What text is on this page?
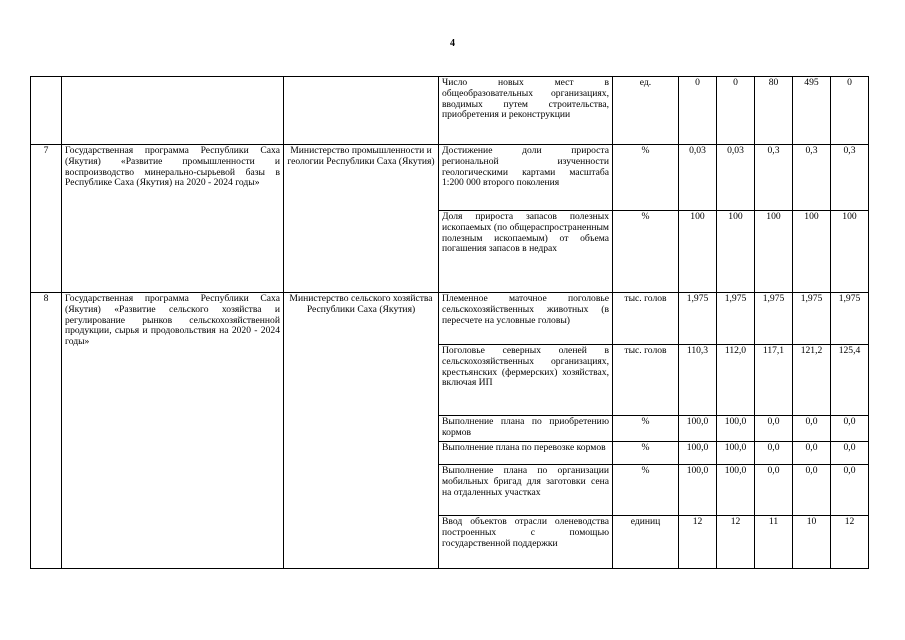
4
			Число новых мест в общеобразовательных организациях, вводимых путем строительства, приобретения и реконструкции	ед.	0	0	80	495	0
7	Государственная программа Республики Саха (Якутия) «Развитие промышленности и воспроизводство минерально-сырьевой базы в Республике Саха (Якутия) на 2020 - 2024 годы»	Министерство промышленности и геологии Республики Саха (Якутия)	Достижение доли прироста региональной изученности геологическими картами масштаба 1:200 000 второго поколения	%	0,03	0,03	0,3	0,3	0,3
			Доля прироста запасов полезных ископаемых (по общераспространенным полезным ископаемым) от объема погашения запасов в недрах	%	100	100	100	100	100
8	Государственная программа Республики Саха (Якутия) «Развитие сельского хозяйства и регулирование рынков сельскохозяйственной продукции, сырья и продовольствия на 2020 - 2024 годы»	Министерство сельского хозяйства Республики Саха (Якутия)	Племенное маточное поголовье сельскохозяйственных животных (в пересчете на условные головы)	тыс. голов	1,975	1,975	1,975	1,975	1,975
			Поголовье северных оленей в сельскохозяйственных организациях, крестьянских (фермерских) хозяйствах, включая ИП	тыс. голов	110,3	112,0	117,1	121,2	125,4
			Выполнение плана по приобретению кормов	%	100,0	100,0	0,0	0,0	0,0
			Выполнение плана по перевозке кормов	%	100,0	100,0	0,0	0,0	0,0
			Выполнение плана по организации мобильных бригад для заготовки сена на отдаленных участках	%	100,0	100,0	0,0	0,0	0,0
			Ввод объектов отрасли оленеводства построенных с помощью государственной поддержки	единиц	12	12	11	10	12
